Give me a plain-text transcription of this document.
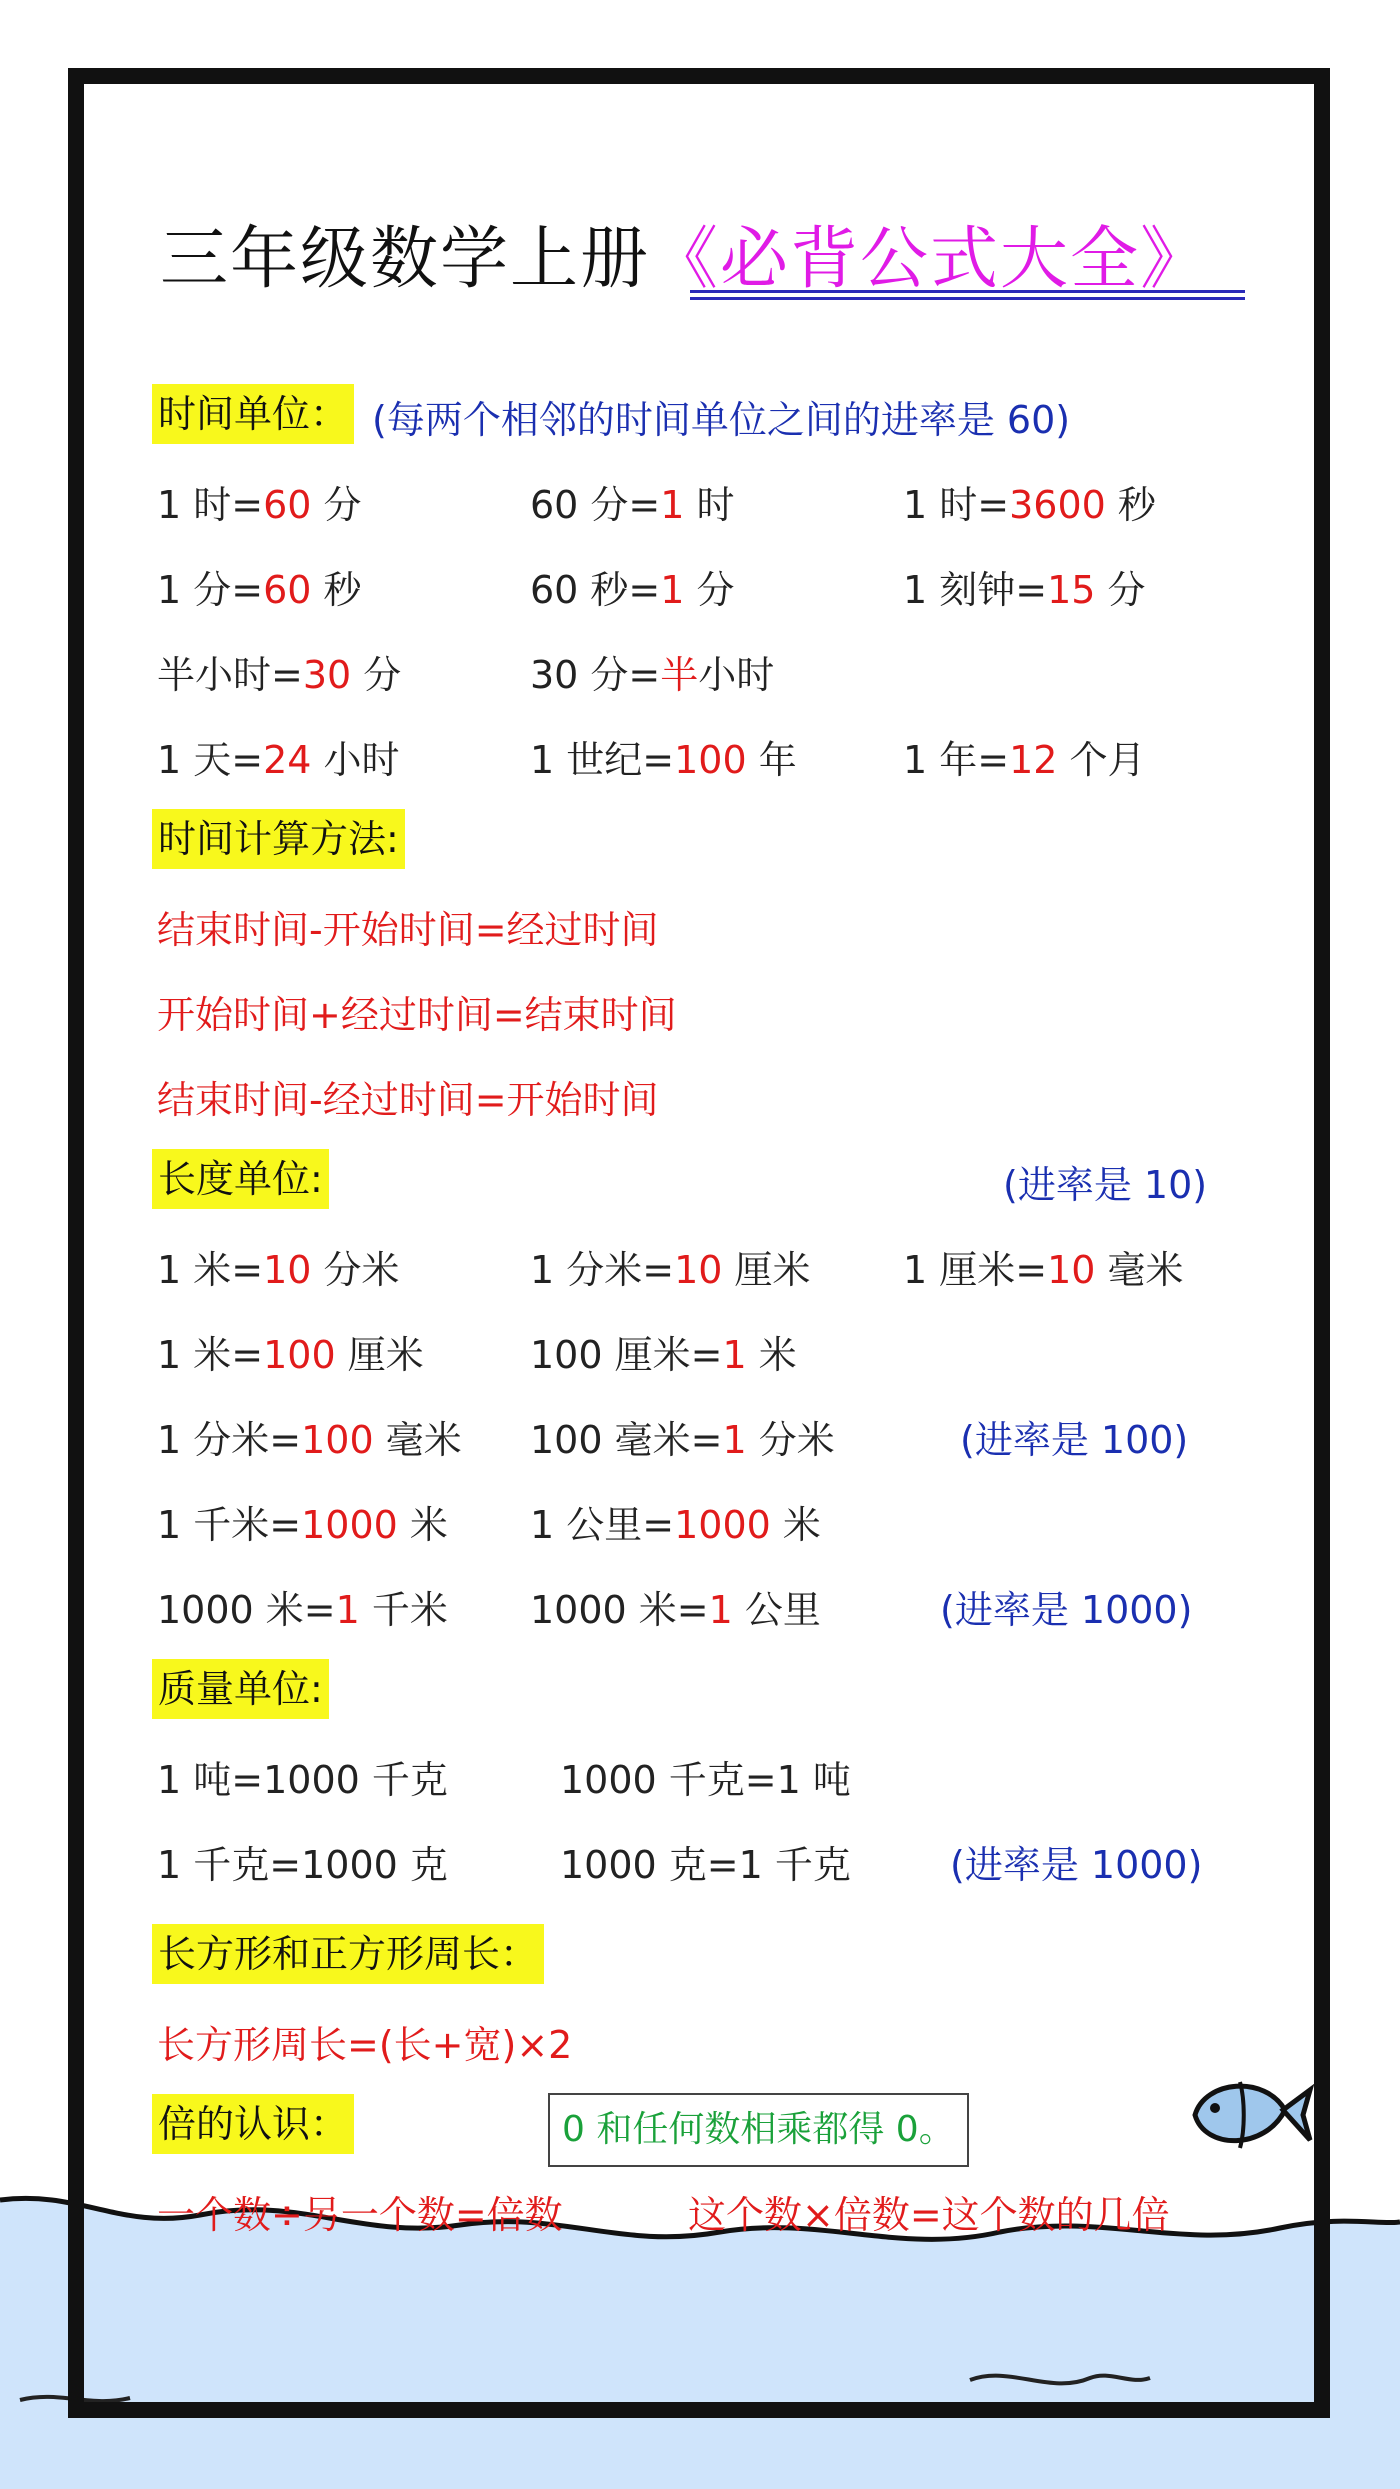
三年级数学上册《必背公式大全》
时间单位： (每两个相邻的时间单位之间的进率是 60)
1 时=60 分	60 分=1 时	1 时=3600 秒
1 分=60 秒	60 秒=1 分	1 刻钟=15 分
半小时=30 分	30 分=半小时
1 天=24 小时	1 世纪=100 年	1 年=12 个月
时间计算方法:
结束时间-开始时间=经过时间
开始时间+经过时间=结束时间
结束时间-经过时间=开始时间
长度单位:	(进率是 10)
1 米=10 分米	1 分米=10 厘米 1 厘米=10 毫米
1 米=100 厘米	100 厘米=1 米
1 分米=100 毫米 100 毫米=1 分米	(进率是 100)
1 千米=1000 米 1 公里=1000 米
1000 米=1 千米 1000 米=1 公里	(进率是 1000)
质量单位:
1 吨=1000 千克	1000 千克=1 吨
1 千克=1000 克	1000 克=1 千克	(进率是 1000)
长方形和正方形周长：
长方形周长=(长+宽)×2
倍的认识：	0 和任何数相乘都得 0。
一个数÷另一个数=倍数	这个数×倍数=这个数的几倍
